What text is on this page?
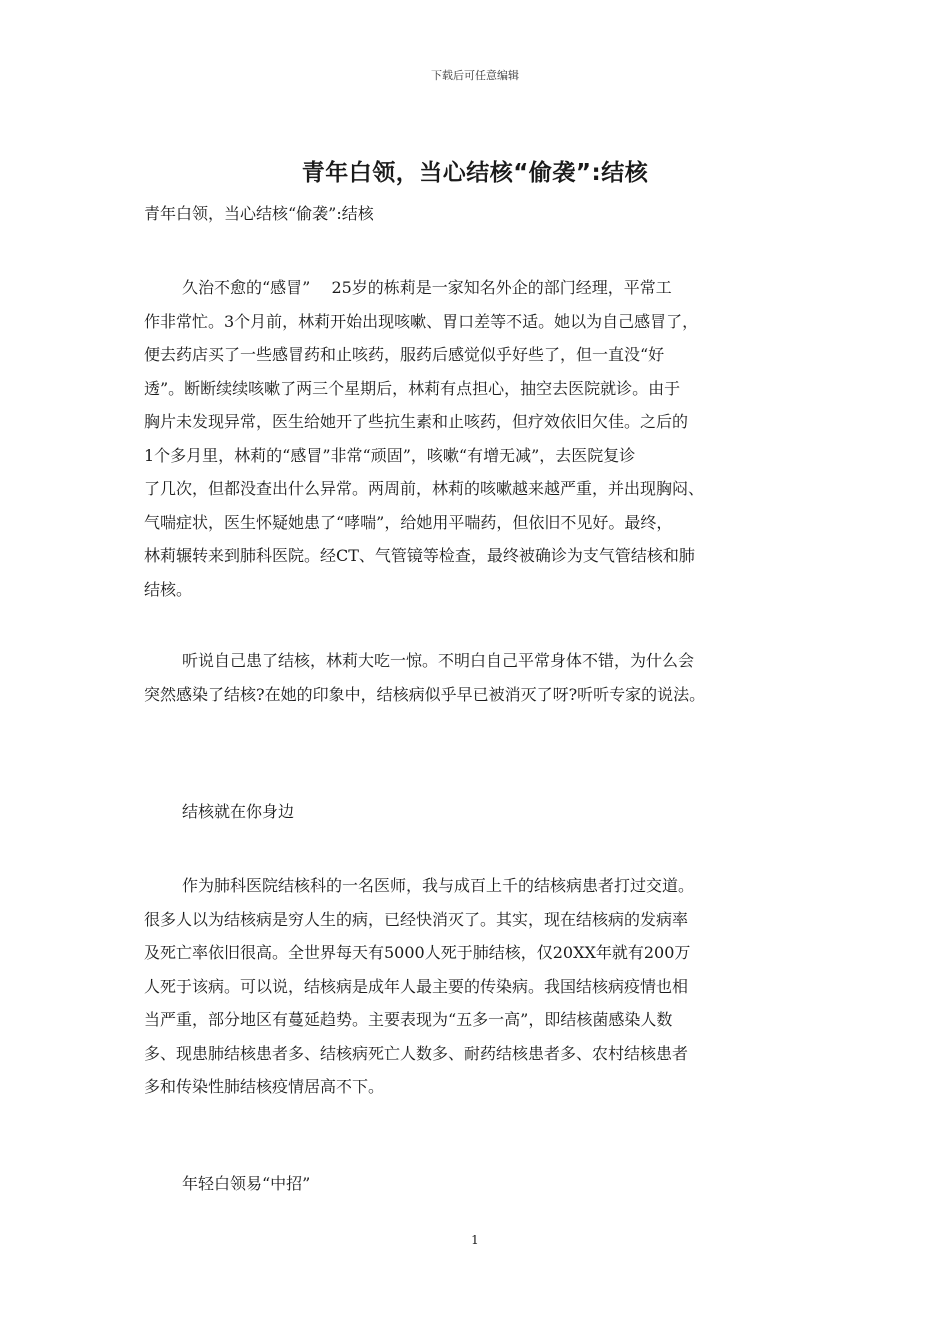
下载后可任意编辑
青年白领，当心结核“偷袭”:结核
青年白领，当心结核“偷袭”:结核
久治不愈的“感冒”　 25岁的栋莉是一家知名外企的部门经理，平常工
作非常忙。3个月前，林莉开始出现咳嗽、胃口差等不适。她以为自己感冒了，
便去药店买了一些感冒药和止咳药，服药后感觉似乎好些了，但一直没“好
透”。断断续续咳嗽了两三个星期后，林莉有点担心，抽空去医院就诊。由于
胸片未发现异常，医生给她开了些抗生素和止咳药，但疗效依旧欠佳。之后的
1个多月里，林莉的“感冒”非常“顽固”，咳嗽“有增无减”，去医院复诊
了几次，但都没查出什么异常。两周前，林莉的咳嗽越来越严重，并出现胸闷、
气喘症状，医生怀疑她患了“哮喘”，给她用平喘药，但依旧不见好。最终，
林莉辗转来到肺科医院。经CT、气管镜等检查，最终被确诊为支气管结核和肺
结核。
听说自己患了结核，林莉大吃一惊。不明白自己平常身体不错，为什么会
突然感染了结核?在她的印象中，结核病似乎早已被消灭了呀?听听专家的说法。
结核就在你身边
作为肺科医院结核科的一名医师，我与成百上千的结核病患者打过交道。
很多人以为结核病是穷人生的病，已经快消灭了。其实，现在结核病的发病率
及死亡率依旧很高。全世界每天有5000人死于肺结核，仅20XX年就有200万
人死于该病。可以说，结核病是成年人最主要的传染病。我国结核病疫情也相
当严重，部分地区有蔓延趋势。主要表现为“五多一高”，即结核菌感染人数
多、现患肺结核患者多、结核病死亡人数多、耐药结核患者多、农村结核患者
多和传染性肺结核疫情居高不下。
年轻白领易“中招”
1
